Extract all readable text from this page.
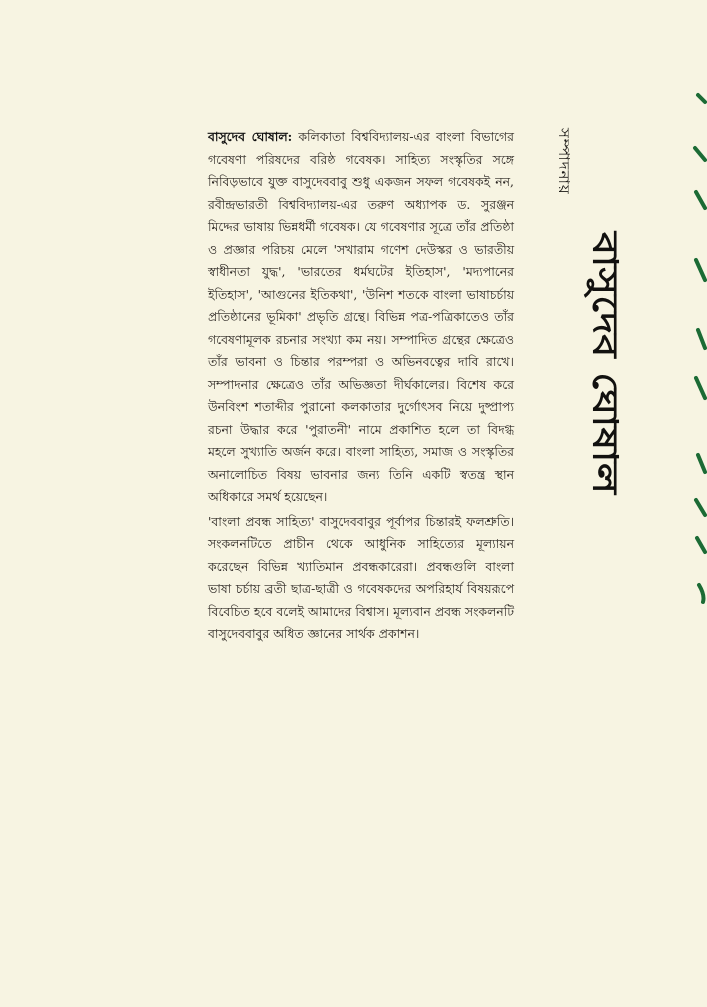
বাসুদেব ঘোষাল: কলিকাতা বিশ্ববিদ্যালয়-এর বাংলা বিভাগের গবেষণা পরিষদের বরিষ্ঠ গবেষক। সাহিত্য সংস্কৃতির সঙ্গে নিবিড়ভাবে যুক্ত বাসুদেববাবু শুধু একজন সফল গবেষকই নন, রবীন্দ্রভারতী বিশ্ববিদ্যালয়-এর তরুণ অধ্যাপক ড. সুরঞ্জন মিদ্দের ভাষায় ভিন্নধর্মী গবেষক। যে গবেষণার সূত্রে তাঁর প্রতিষ্ঠা ও প্রজ্ঞার পরিচয় মেলে 'সখারাম গণেশ দেউস্কর ও ভারতীয় স্বাধীনতা যুদ্ধ', 'ভারতের ধর্মঘটের ইতিহাস', 'মদ্যপানের ইতিহাস', 'আগুনের ইতিকথা', 'উনিশ শতকে বাংলা ভাষাচর্চায় প্রতিষ্ঠানের ভূমিকা' প্রভৃতি গ্রন্থে। বিভিন্ন পত্র-পত্রিকাতেও তাঁর গবেষণামূলক রচনার সংখ্যা কম নয়। সম্পাদিত গ্রন্থের ক্ষেত্রেও তাঁর ভাবনা ও চিন্তার পরম্পরা ও অভিনবত্বের দাবি রাখে। সম্পাদনার ক্ষেত্রেও তাঁর অভিজ্ঞতা দীর্ঘকালের। বিশেষ করে উনবিংশ শতাব্দীর পুরানো কলকাতার দুর্গোৎসব নিয়ে দুষ্প্রাপ্য রচনা উদ্ধার করে 'পুরাতনী' নামে প্রকাশিত হলে তা বিদগ্ধ মহলে সুখ্যাতি অর্জন করে। বাংলা সাহিত্য, সমাজ ও সংস্কৃতির অনালোচিত বিষয় ভাবনার জন্য তিনি একটি স্বতন্ত্র স্থান অধিকারে সমর্থ হয়েছেন।

'বাংলা প্রবন্ধ সাহিত্য' বাসুদেববাবুর পূর্বাপর চিন্তারই ফলশ্রুতি। সংকলনটিতে প্রাচীন থেকে আধুনিক সাহিত্যের মূল্যায়ন করেছেন বিভিন্ন খ্যাতিমান প্রবন্ধকারেরা। প্রবন্ধগুলি বাংলা ভাষা চর্চায় ব্রতী ছাত্র-ছাত্রী ও গবেষকদের অপরিহার্য বিষয়রূপে বিবেচিত হবে বলেই আমাদের বিশ্বাস। মূল্যবান প্রবন্ধ সংকলনটি বাসুদেববাবুর অধিত জ্ঞানের সার্থক প্রকাশন।

সম্পাদনায়
বাসুদেব ঘোষাল
